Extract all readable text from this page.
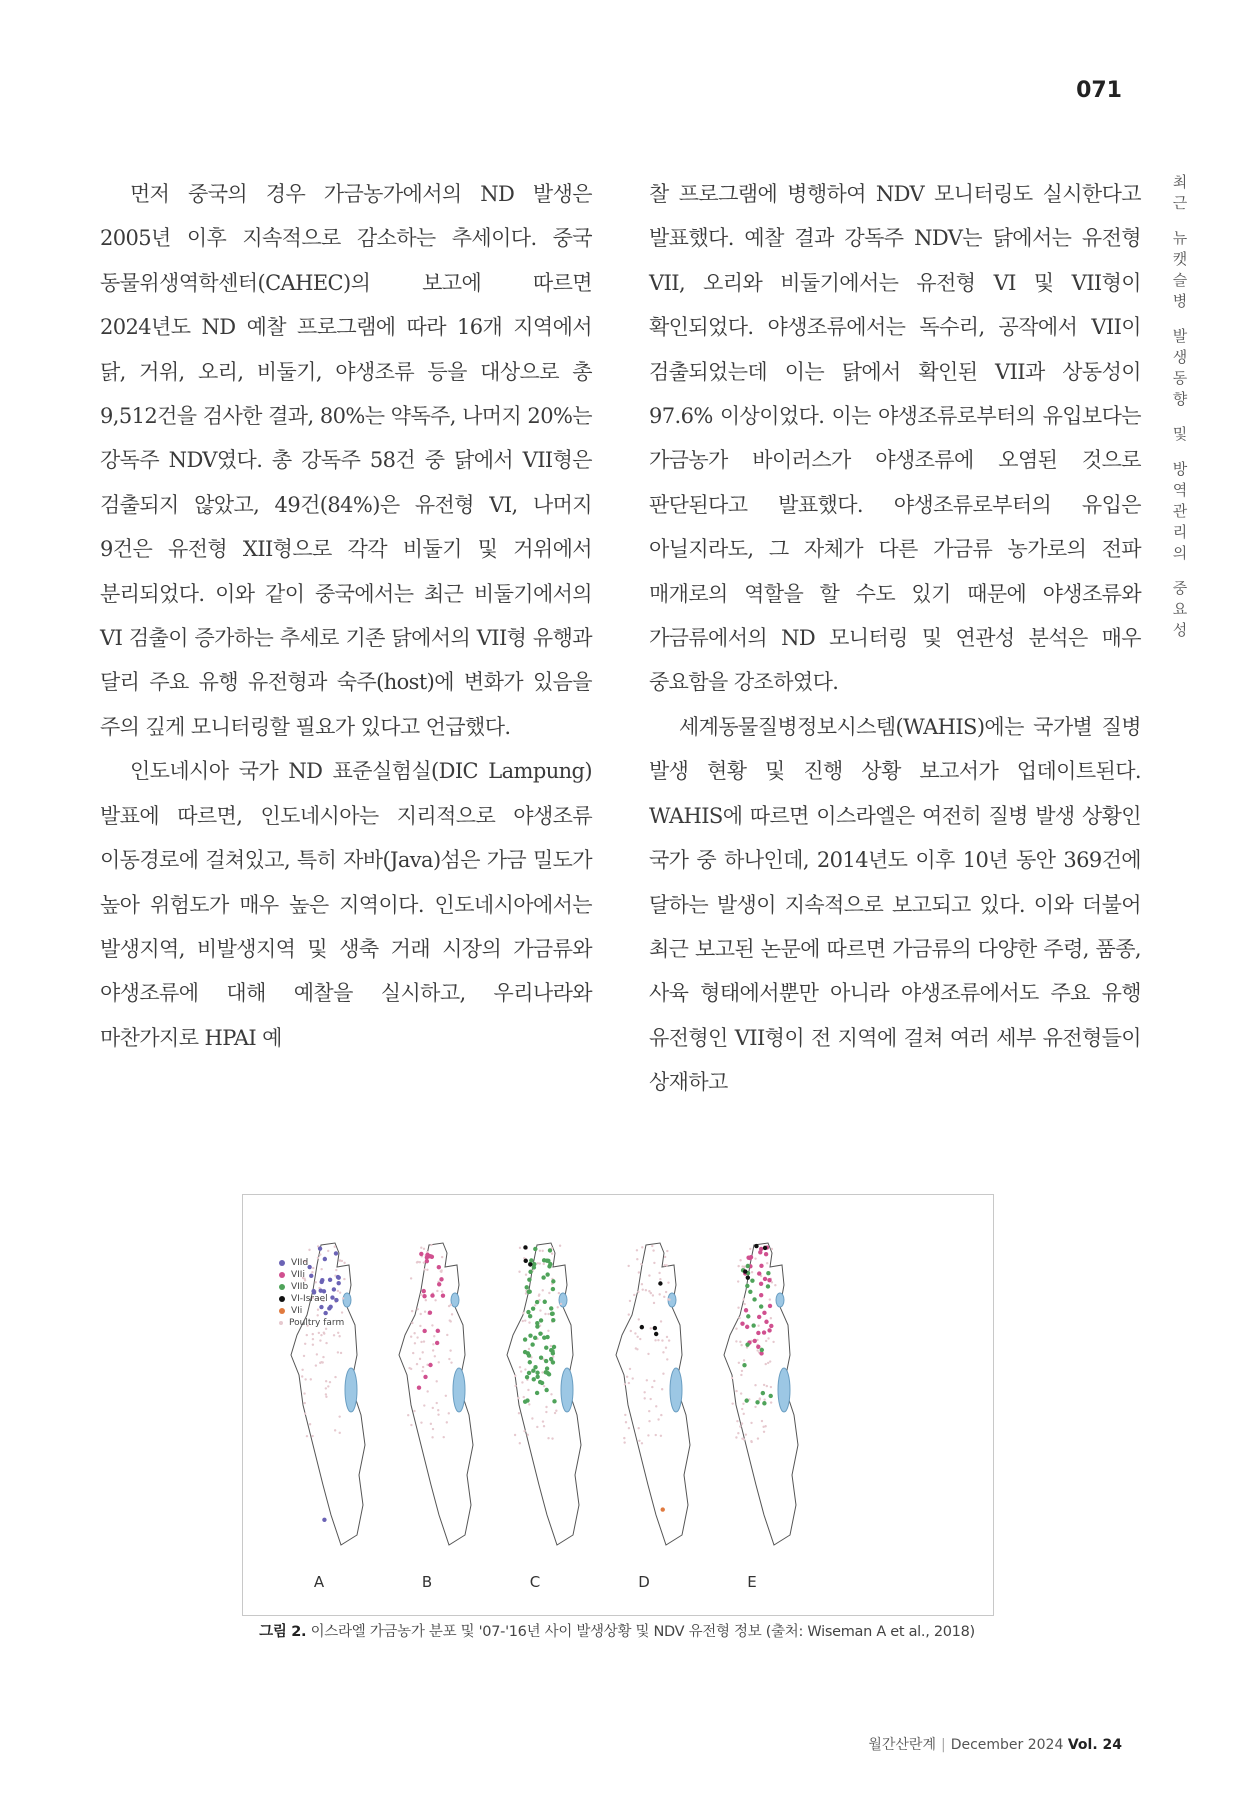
071
최
근
뉴
캣
슬
병
발
생
동
향
및
방
역
관
리
의
중
요
성

먼저 중국의 경우 가금농가에서의 ND 발생은 2005년 이후 지속적으로 감소하는 추세이다. 중국 동물위생역학센터(CAHEC)의 보고에 따르면 2024년도 ND 예찰 프로그램에 따라 16개 지역에서 닭, 거위, 오리, 비둘기, 야생조류 등을 대상으로 총 9,512건을 검사한 결과, 80%는 약독주, 나머지 20%는 강독주 NDV였다. 총 강독주 58건 중 닭에서 VII형은 검출되지 않았고, 49건(84%)은 유전형 VI, 나머지 9건은 유전형 XII형으로 각각 비둘기 및 거위에서 분리되었다. 이와 같이 중국에서는 최근 비둘기에서의 VI 검출이 증가하는 추세로 기존 닭에서의 VII형 유행과 달리 주요 유행 유전형과 숙주(host)에 변화가 있음을 주의 깊게 모니터링할 필요가 있다고 언급했다.

인도네시아 국가 ND 표준실험실(DIC Lampung) 발표에 따르면, 인도네시아는 지리적으로 야생조류 이동경로에 걸쳐있고, 특히 자바(Java)섬은 가금 밀도가 높아 위험도가 매우 높은 지역이다. 인도네시아에서는 발생지역, 비발생지역 및 생축 거래 시장의 가금류와 야생조류에 대해 예찰을 실시하고, 우리나라와 마찬가지로 HPAI 예

찰 프로그램에 병행하여 NDV 모니터링도 실시한다고 발표했다. 예찰 결과 강독주 NDV는 닭에서는 유전형 VII, 오리와 비둘기에서는 유전형 VI 및 VII형이 확인되었다. 야생조류에서는 독수리, 공작에서 VII이 검출되었는데 이는 닭에서 확인된 VII과 상동성이 97.6% 이상이었다. 이는 야생조류로부터의 유입보다는 가금농가 바이러스가 야생조류에 오염된 것으로 판단된다고 발표했다. 야생조류로부터의 유입은 아닐지라도, 그 자체가 다른 가금류 농가로의 전파 매개로의 역할을 할 수도 있기 때문에 야생조류와 가금류에서의 ND 모니터링 및 연관성 분석은 매우 중요함을 강조하였다.

세계동물질병정보시스템(WAHIS)에는 국가별 질병 발생 현황 및 진행 상황 보고서가 업데이트된다. WAHIS에 따르면 이스라엘은 여전히 질병 발생 상황인 국가 중 하나인데, 2014년도 이후 10년 동안 369건에 달하는 발생이 지속적으로 보고되고 있다. 이와 더불어 최근 보고된 논문에 따르면 가금류의 다양한 주령, 품종, 사육 형태에서뿐만 아니라 야생조류에서도 주요 유행 유전형인 VII형이 전 지역에 걸쳐 여러 세부 유전형들이 상재하고

VIId
VIIi
VIIb
VI-Israel
VIi
Poultry farm
A	B	C	D	E
그림 2. 이스라엘 가금농가 분포 및 '07-'16년 사이 발생상황 및 NDV 유전형 정보 (출처: Wiseman A et al., 2018)
월간산란계 | December 2024 Vol. 24
